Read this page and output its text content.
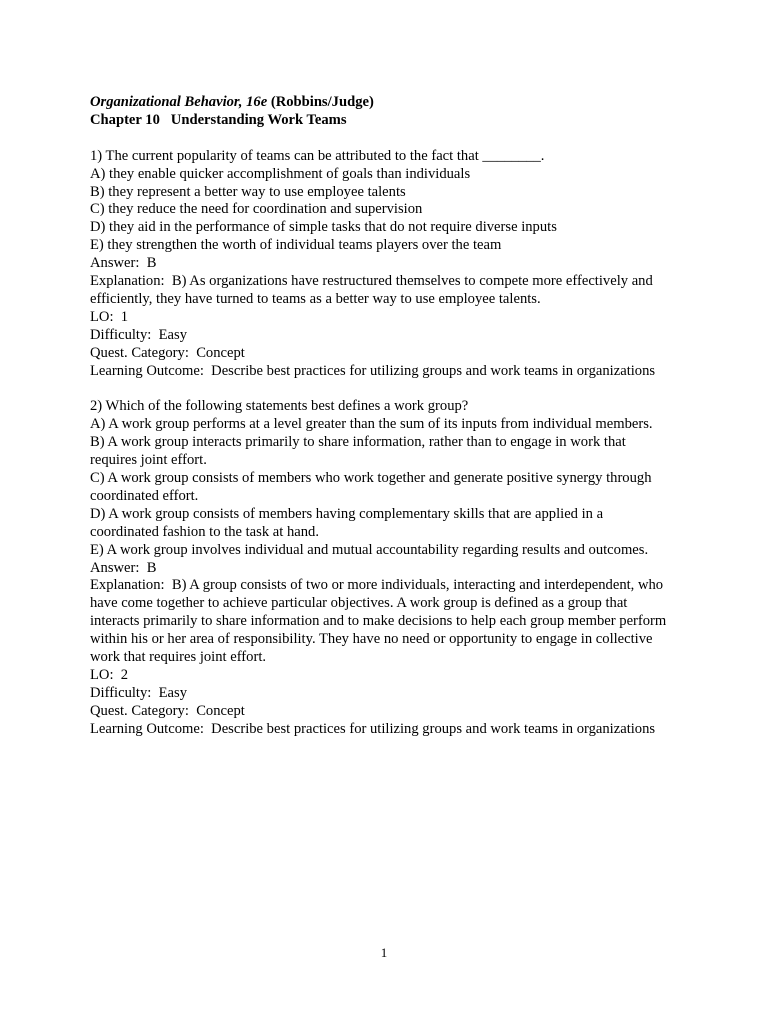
Organizational Behavior, 16e (Robbins/Judge)
Chapter 10   Understanding Work Teams
1) The current popularity of teams can be attributed to the fact that ________.
A) they enable quicker accomplishment of goals than individuals
B) they represent a better way to use employee talents
C) they reduce the need for coordination and supervision
D) they aid in the performance of simple tasks that do not require diverse inputs
E) they strengthen the worth of individual teams players over the team
Answer:  B
Explanation:  B) As organizations have restructured themselves to compete more effectively and efficiently, they have turned to teams as a better way to use employee talents.
LO:  1
Difficulty:  Easy
Quest. Category:  Concept
Learning Outcome:  Describe best practices for utilizing groups and work teams in organizations
2) Which of the following statements best defines a work group?
A) A work group performs at a level greater than the sum of its inputs from individual members.
B) A work group interacts primarily to share information, rather than to engage in work that requires joint effort.
C) A work group consists of members who work together and generate positive synergy through coordinated effort.
D) A work group consists of members having complementary skills that are applied in a coordinated fashion to the task at hand.
E) A work group involves individual and mutual accountability regarding results and outcomes.
Answer:  B
Explanation:  B) A group consists of two or more individuals, interacting and interdependent, who have come together to achieve particular objectives. A work group is defined as a group that interacts primarily to share information and to make decisions to help each group member perform within his or her area of responsibility. They have no need or opportunity to engage in collective work that requires joint effort.
LO:  2
Difficulty:  Easy
Quest. Category:  Concept
Learning Outcome:  Describe best practices for utilizing groups and work teams in organizations
1
